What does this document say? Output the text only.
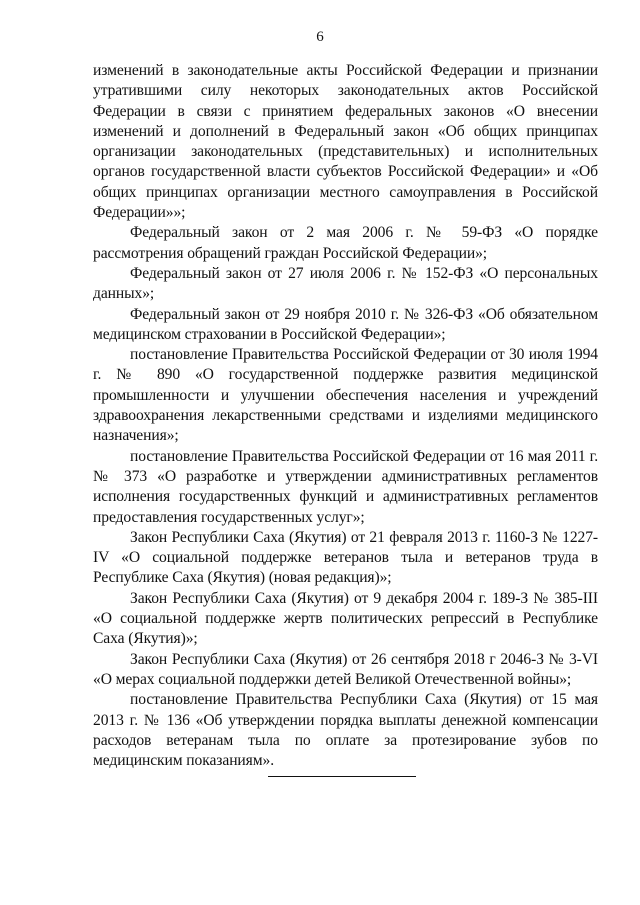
6

изменений в законодательные акты Российской Федерации и признании утратившими силу некоторых законодательных актов Российской Федерации в связи с принятием федеральных законов «О внесении изменений и дополнений в Федеральный закон «Об общих принципах организации законодательных (представительных) и исполнительных органов государственной власти субъектов Российской Федерации» и «Об общих принципах организации местного самоуправления в Российской Федерации»»;

Федеральный закон от 2 мая 2006 г. № 59-ФЗ «О порядке рассмотрения обращений граждан Российской Федерации»;

Федеральный закон от 27 июля 2006 г. № 152-ФЗ «О персональных данных»;

Федеральный закон от 29 ноября 2010 г. № 326-ФЗ «Об обязательном медицинском страховании в Российской Федерации»;

постановление Правительства Российской Федерации от 30 июля 1994 г. № 890 «О государственной поддержке развития медицинской промышленности и улучшении обеспечения населения и учреждений здравоохранения лекарственными средствами и изделиями медицинского назначения»;

постановление Правительства Российской Федерации от 16 мая 2011 г. № 373 «О разработке и утверждении административных регламентов исполнения государственных функций и административных регламентов предоставления государственных услуг»;

Закон Республики Саха (Якутия) от 21 февраля 2013 г. 1160-З № 1227-IV «О социальной поддержке ветеранов тыла и ветеранов труда в Республике Саха (Якутия) (новая редакция)»;

Закон Республики Саха (Якутия) от 9 декабря 2004 г. 189-З № 385-III «О социальной поддержке жертв политических репрессий в Республике Саха (Якутия)»;

Закон Республики Саха (Якутия) от 26 сентября 2018 г 2046-З № 3-VI «О мерах социальной поддержки детей Великой Отечественной войны»;

постановление Правительства Республики Саха (Якутия) от 15 мая 2013 г. № 136 «Об утверждении порядка выплаты денежной компенсации расходов ветеранам тыла по оплате за протезирование зубов по медицинским показаниям».
